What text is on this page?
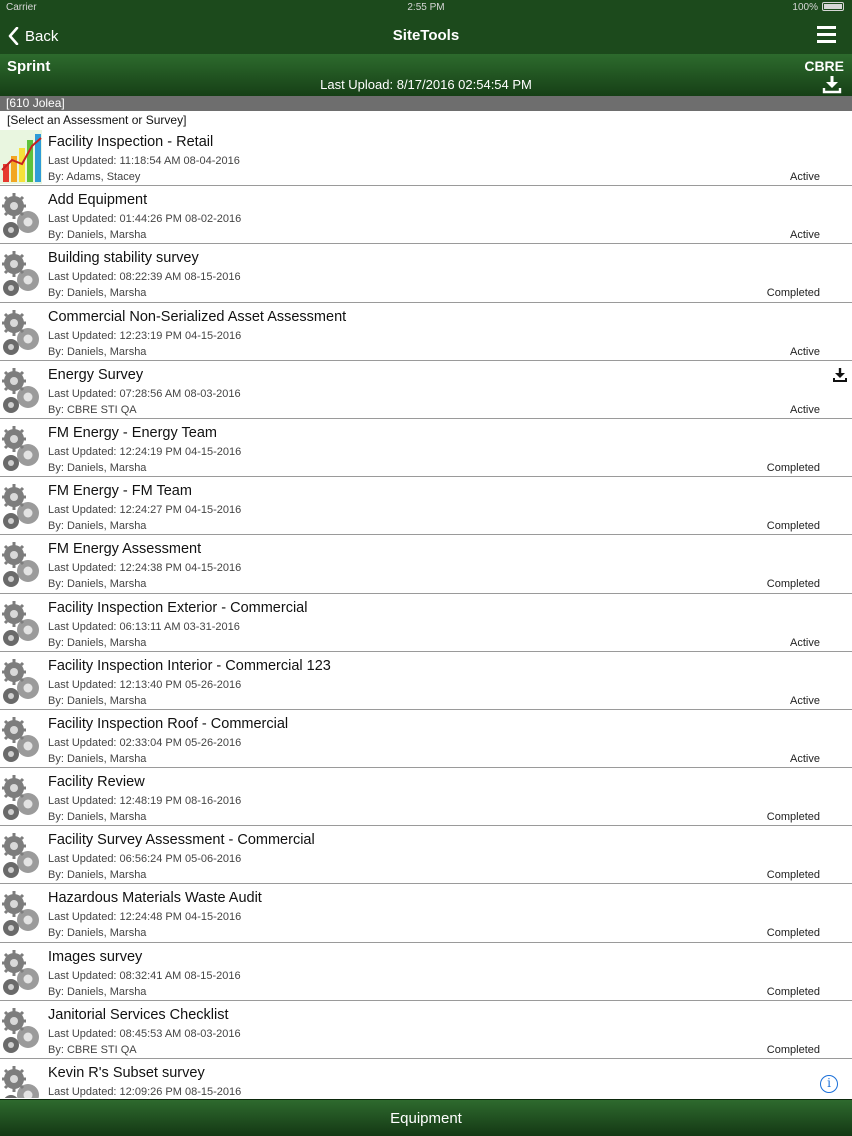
Carrier	2:55 PM	100%
Back	SiteTools
Sprint
Last Upload: 8/17/2016 02:54:54 PM
CBRE
[610 Jolea]
[Select an Assessment or Survey]
Facility Inspection - Retail
Last Updated: 11:18:54 AM 08-04-2016
By: Adams, Stacey	Active
Add Equipment
Last Updated: 01:44:26 PM 08-02-2016
By: Daniels, Marsha	Active
Building stability survey
Last Updated: 08:22:39 AM 08-15-2016
By: Daniels, Marsha	Completed
Commercial Non-Serialized Asset Assessment
Last Updated: 12:23:19 PM 04-15-2016
By: Daniels, Marsha	Active
Energy Survey
Last Updated: 07:28:56 AM 08-03-2016
By: CBRE STI QA	Active
FM Energy - Energy Team
Last Updated: 12:24:19 PM 04-15-2016
By: Daniels, Marsha	Completed
FM Energy - FM Team
Last Updated: 12:24:27 PM 04-15-2016
By: Daniels, Marsha	Completed
FM Energy Assessment
Last Updated: 12:24:38 PM 04-15-2016
By: Daniels, Marsha	Completed
Facility Inspection Exterior - Commercial
Last Updated: 06:13:11 AM 03-31-2016
By: Daniels, Marsha	Active
Facility Inspection Interior - Commercial 123
Last Updated: 12:13:40 PM 05-26-2016
By: Daniels, Marsha	Active
Facility Inspection Roof - Commercial
Last Updated: 02:33:04 PM 05-26-2016
By: Daniels, Marsha	Active
Facility Review
Last Updated: 12:48:19 PM 08-16-2016
By: Daniels, Marsha	Completed
Facility Survey Assessment - Commercial
Last Updated: 06:56:24 PM 05-06-2016
By: Daniels, Marsha	Completed
Hazardous Materials Waste Audit
Last Updated: 12:24:48 PM 04-15-2016
By: Daniels, Marsha	Completed
Images survey
Last Updated: 08:32:41 AM 08-15-2016
By: Daniels, Marsha	Completed
Janitorial Services Checklist
Last Updated: 08:45:53 AM 08-03-2016
By: CBRE STI QA	Completed
Kevin R's Subset survey
Last Updated: 12:09:26 PM 08-15-2016
i
Equipment
